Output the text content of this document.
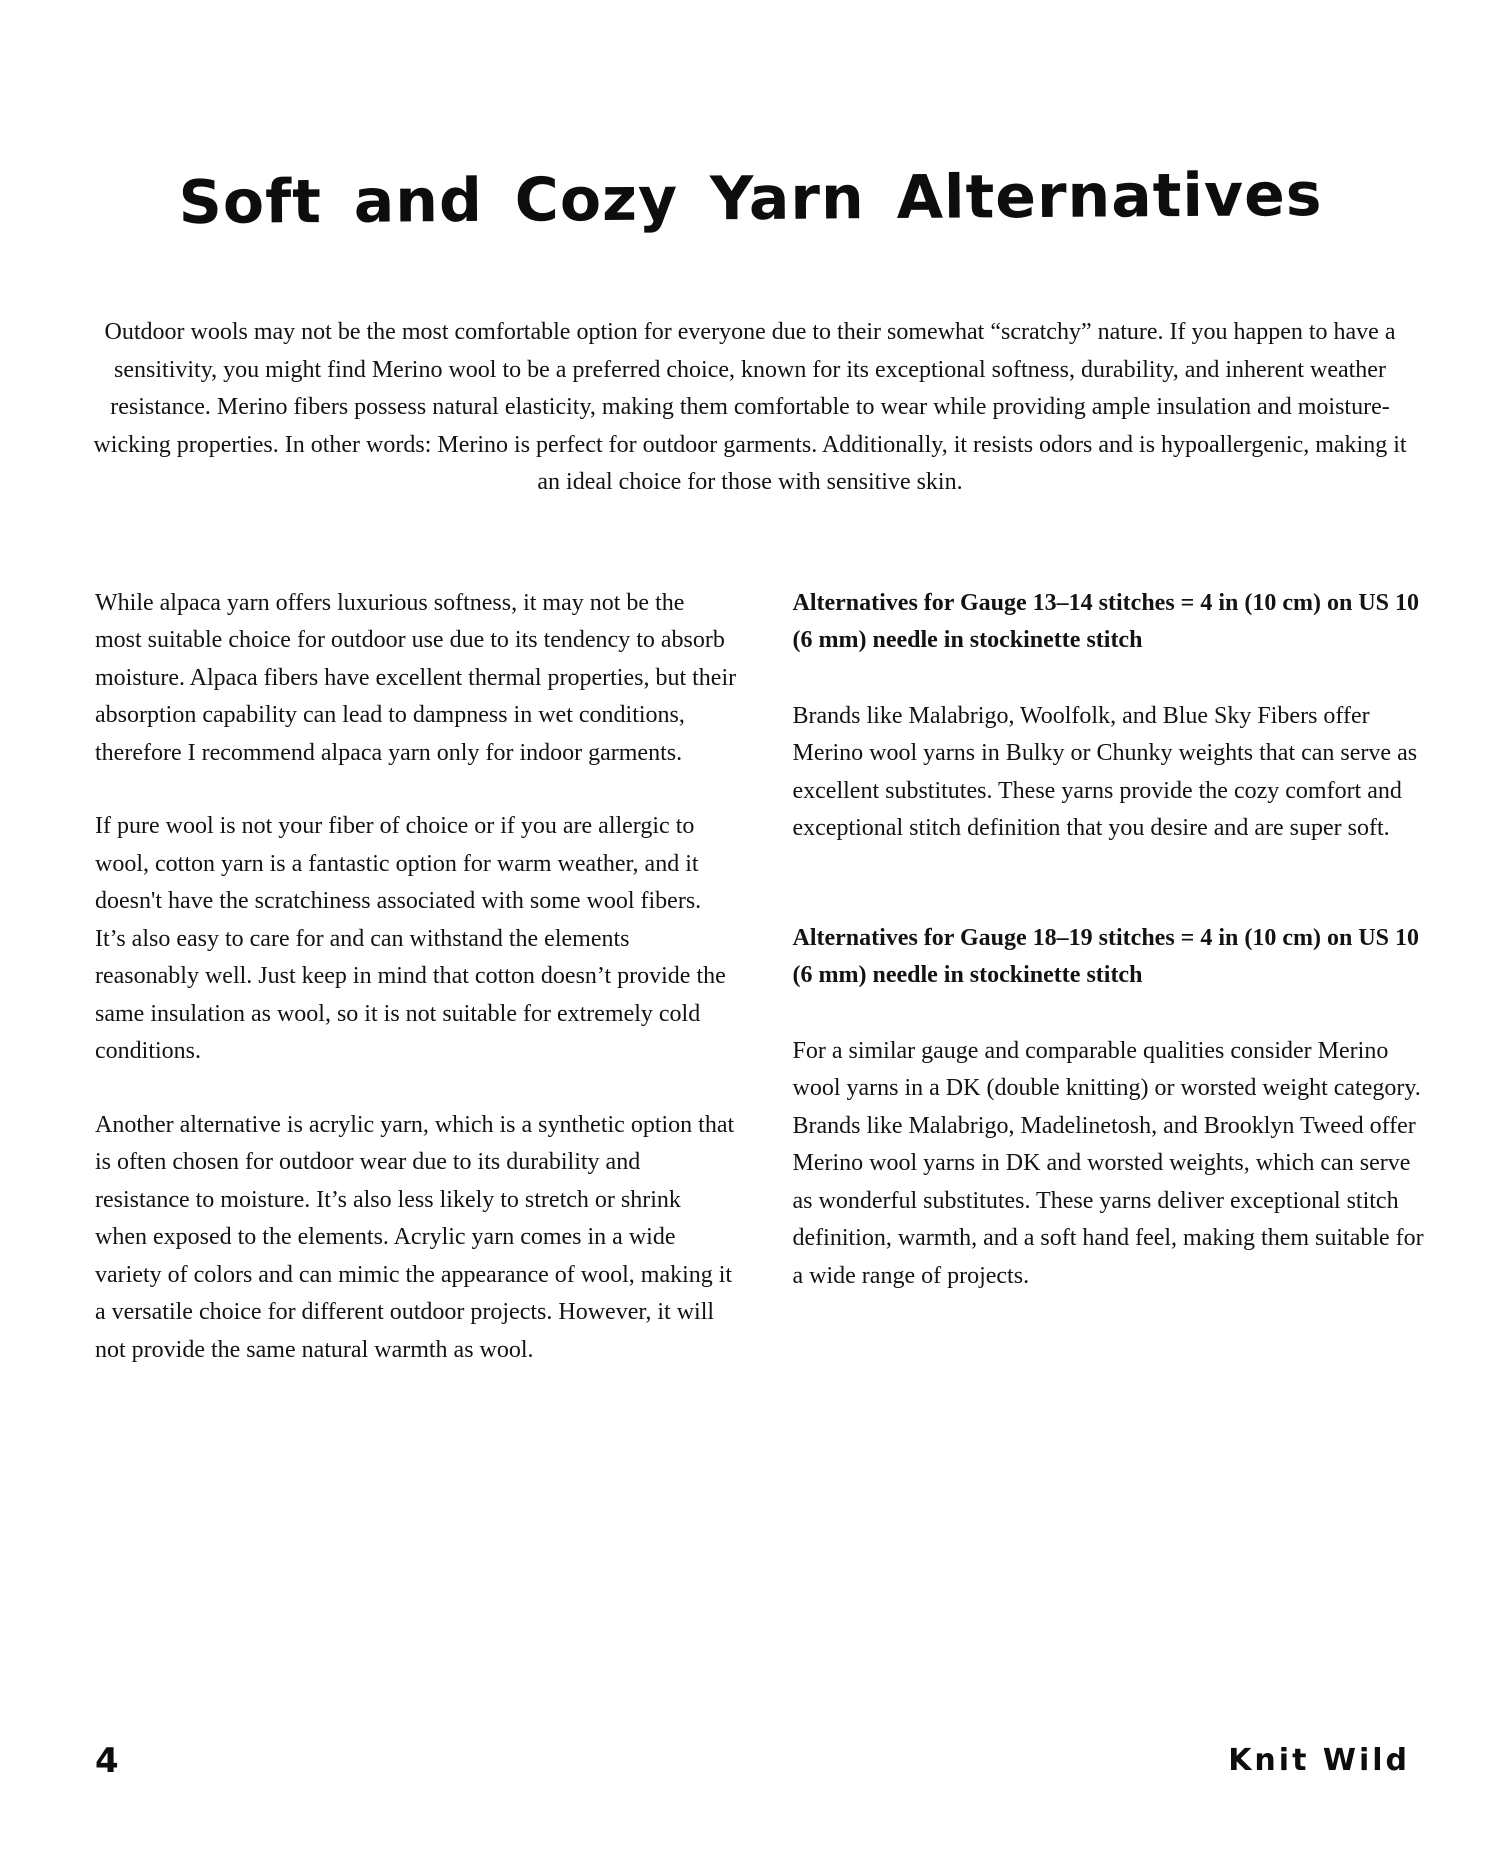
Soft and Cozy Yarn Alternatives

Outdoor wools may not be the most comfortable option for everyone due to their somewhat “scratchy” nature. If you happen to have a sensitivity, you might find Merino wool to be a preferred choice, known for its exceptional softness, durability, and inherent weather resistance. Merino fibers possess natural elasticity, making them comfortable to wear while providing ample insulation and moisture-wicking properties. In other words: Merino is perfect for outdoor garments. Additionally, it resists odors and is hypoallergenic, making it an ideal choice for those with sensitive skin.

While alpaca yarn offers luxurious softness, it may not be the most suitable choice for outdoor use due to its tendency to absorb moisture. Alpaca fibers have excellent thermal properties, but their absorption capability can lead to dampness in wet conditions, therefore I recommend alpaca yarn only for indoor garments.

If pure wool is not your fiber of choice or if you are allergic to wool, cotton yarn is a fantastic option for warm weather, and it doesn't have the scratchiness associated with some wool fibers. It’s also easy to care for and can withstand the elements reasonably well. Just keep in mind that cotton doesn’t provide the same insulation as wool, so it is not suitable for extremely cold conditions.

Another alternative is acrylic yarn, which is a synthetic option that is often chosen for outdoor wear due to its durability and resistance to moisture. It’s also less likely to stretch or shrink when exposed to the elements. Acrylic yarn comes in a wide variety of colors and can mimic the appearance of wool, making it a versatile choice for different outdoor projects. However, it will not provide the same natural warmth as wool.

Alternatives for Gauge 13–14 stitches = 4 in (10 cm) on US 10 (6 mm) needle in stockinette stitch

Brands like Malabrigo, Woolfolk, and Blue Sky Fibers offer Merino wool yarns in Bulky or Chunky weights that can serve as excellent substitutes. These yarns provide the cozy comfort and exceptional stitch definition that you desire and are super soft.

Alternatives for Gauge 18–19 stitches = 4 in (10 cm) on US 10 (6 mm) needle in stockinette stitch

For a similar gauge and comparable qualities consider Merino wool yarns in a DK (double knitting) or worsted weight category. Brands like Malabrigo, Madelinetosh, and Brooklyn Tweed offer Merino wool yarns in DK and worsted weights, which can serve as wonderful substitutes. These yarns deliver exceptional stitch definition, warmth, and a soft hand feel, making them suitable for a wide range of projects.

4	Knit Wild
